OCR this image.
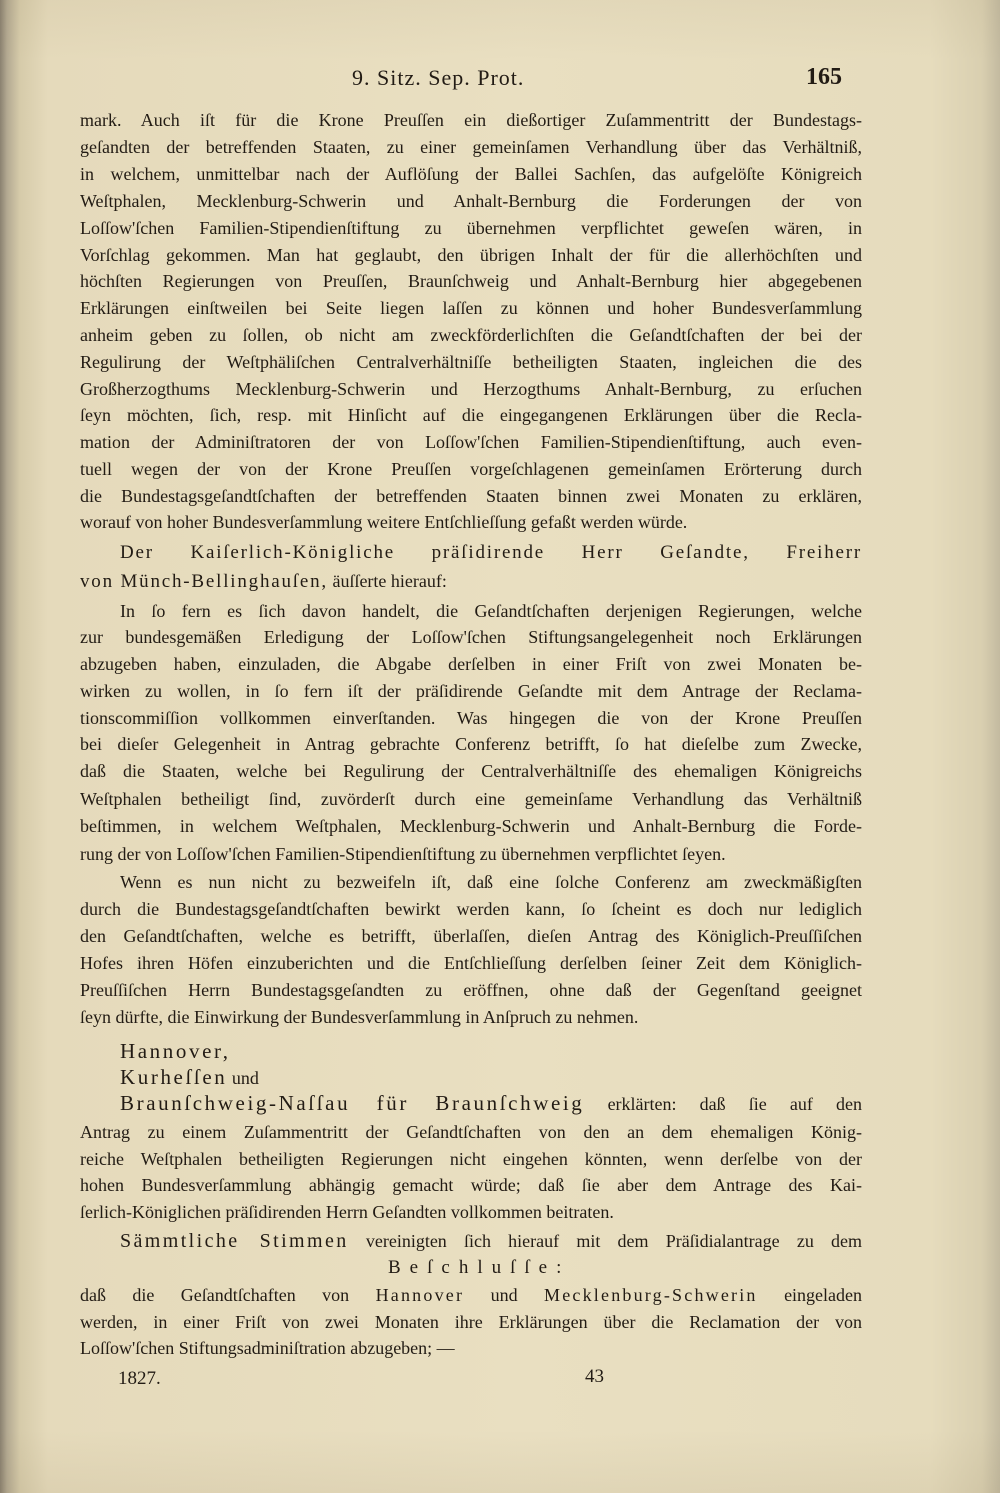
9. Sitz. Sep. Prot.	165
mark. Auch iſt für die Krone Preuſſen ein dießortiger Zuſammentritt der Bundestags-
geſandten der betreffenden Staaten, zu einer gemeinſamen Verhandlung über das Verhältniß,
in welchem, unmittelbar nach der Auflöſung der Ballei Sachſen, das aufgelöſte Königreich
Weſtphalen, Mecklenburg-Schwerin und Anhalt-Bernburg die Forderungen der von
Loſſow'ſchen Familien-Stipendienſtiftung zu übernehmen verpflichtet geweſen wären, in
Vorſchlag gekommen. Man hat geglaubt, den übrigen Inhalt der für die allerhöchſten und
höchſten Regierungen von Preuſſen, Braunſchweig und Anhalt-Bernburg hier abgegebenen
Erklärungen einſtweilen bei Seite liegen laſſen zu können und hoher Bundesverſammlung
anheim geben zu ſollen, ob nicht am zweckförderlichſten die Geſandtſchaften der bei der
Regulirung der Weſtphäliſchen Centralverhältniſſe betheiligten Staaten, ingleichen die des
Großherzogthums Mecklenburg-Schwerin und Herzogthums Anhalt-Bernburg, zu erſuchen
ſeyn möchten, ſich, resp. mit Hinſicht auf die eingegangenen Erklärungen über die Recla-
mation der Adminiſtratoren der von Loſſow'ſchen Familien-Stipendienſtiftung, auch even-
tuell wegen der von der Krone Preuſſen vorgeſchlagenen gemeinſamen Erörterung durch
die Bundestagsgeſandtſchaften der betreffenden Staaten binnen zwei Monaten zu erklären,
worauf von hoher Bundesverſammlung weitere Entſchlieſſung gefaßt werden würde.
Der Kaiſerlich-Königliche präſidirende Herr Geſandte, Freiherr
von Münch-Bellinghauſen, äuſſerte hierauf:
In ſo fern es ſich davon handelt, die Geſandtſchaften derjenigen Regierungen, welche
zur bundesgemäßen Erledigung der Loſſow'ſchen Stiftungsangelegenheit noch Erklärungen
abzugeben haben, einzuladen, die Abgabe derſelben in einer Friſt von zwei Monaten be-
wirken zu wollen, in ſo fern iſt der präſidirende Geſandte mit dem Antrage der Reclama-
tionscommiſſion vollkommen einverſtanden. Was hingegen die von der Krone Preuſſen
bei dieſer Gelegenheit in Antrag gebrachte Conferenz betrifft, ſo hat dieſelbe zum Zwecke,
daß die Staaten, welche bei Regulirung der Centralverhältniſſe des ehemaligen Königreichs
Weſtphalen betheiligt ſind, zuvörderſt durch eine gemeinſame Verhandlung das Verhältniß
beſtimmen, in welchem Weſtphalen, Mecklenburg-Schwerin und Anhalt-Bernburg die Forde-
rung der von Loſſow'ſchen Familien-Stipendienſtiftung zu übernehmen verpflichtet ſeyen.
Wenn es nun nicht zu bezweifeln iſt, daß eine ſolche Conferenz am zweckmäßigſten
durch die Bundestagsgeſandtſchaften bewirkt werden kann, ſo ſcheint es doch nur lediglich
den Geſandtſchaften, welche es betrifft, überlaſſen, dieſen Antrag des Königlich-Preuſſiſchen
Hofes ihren Höfen einzuberichten und die Entſchlieſſung derſelben ſeiner Zeit dem Königlich-
Preuſſiſchen Herrn Bundestagsgeſandten zu eröffnen, ohne daß der Gegenſtand geeignet
ſeyn dürfte, die Einwirkung der Bundesverſammlung in Anſpruch zu nehmen.
Hannover,
Kurheſſen und
Braunſchweig-Naſſau für Braunſchweig erklärten: daß ſie auf den
Antrag zu einem Zuſammentritt der Geſandtſchaften von den an dem ehemaligen König-
reiche Weſtphalen betheiligten Regierungen nicht eingehen könnten, wenn derſelbe von der
hohen Bundesverſammlung abhängig gemacht würde; daß ſie aber dem Antrage des Kai-
ſerlich-Königlichen präſidirenden Herrn Geſandten vollkommen beitraten.
Sämmtliche Stimmen vereinigten ſich hierauf mit dem Präſidialantrage zu dem
Beſchluſſe:
daß die Geſandtſchaften von Hannover und Mecklenburg-Schwerin eingeladen
werden, in einer Friſt von zwei Monaten ihre Erklärungen über die Reclamation der von
Loſſow'ſchen Stiftungsadminiſtration abzugeben; —
1827.	43
